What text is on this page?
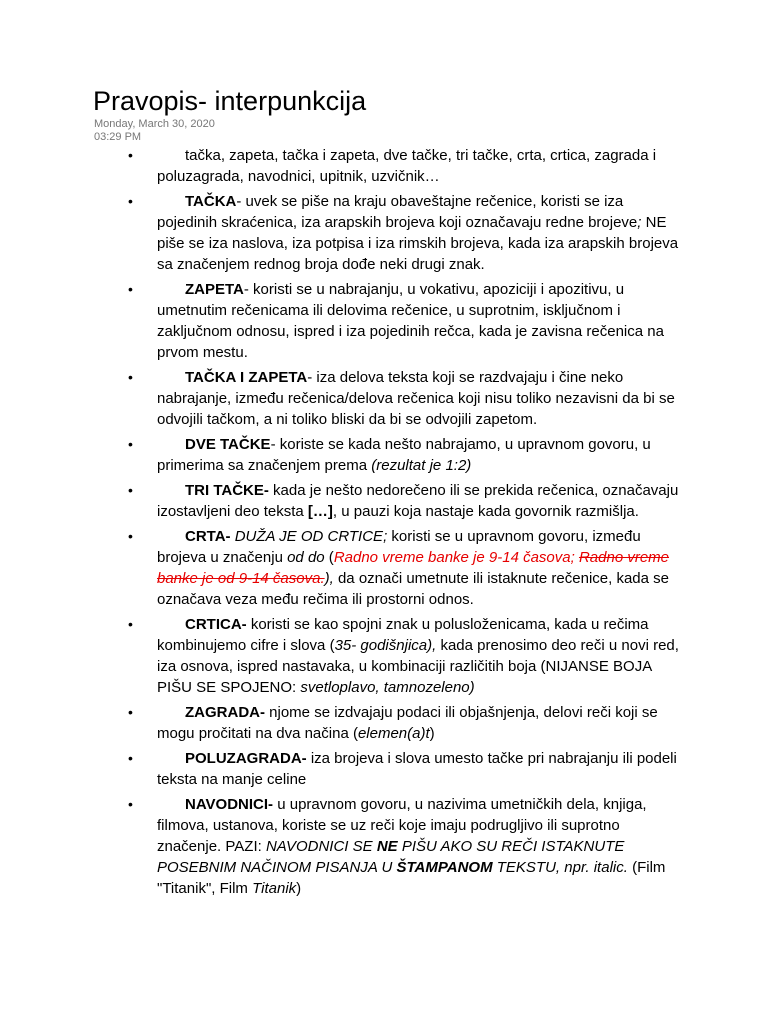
Pravopis- interpunkcija
Monday, March 30, 2020
03:29 PM
•	tačka, zapeta, tačka i zapeta, dve tačke, tri tačke, crta, crtica, zagrada i poluzagrada, navodnici, upitnik, uzvičnik…
•	TAČKA- uvek se piše na kraju obaveštajne rečenice, koristi se iza pojedinih skraćenica, iza arapskih brojeva koji označavaju redne brojeve; NE piše se iza naslova, iza potpisa i iza rimskih brojeva, kada iza arapskih brojeva sa značenjem rednog broja dođe neki drugi znak.
•	ZAPETA- koristi se u nabrajanju, u vokativu, apoziciji i apozitivu, u umetnutim rečenicama ili delovima rečenice, u suprotnim, isključnom i zaključnom odnosu, ispred i iza pojedinih rečca, kada je zavisna rečenica na prvom mestu.
•	TAČKA I ZAPETA- iza delova teksta koji se razdvajaju i čine neko nabrajanje, između rečenica/delova rečenica koji nisu toliko nezavisni da bi se odvojili tačkom, a ni toliko bliski da bi se odvojili zapetom.
•	DVE TAČKE- koriste se kada nešto nabrajamo, u upravnom govoru, u primerima sa značenjem prema (rezultat je 1:2)
•	TRI TAČKE- kada je nešto nedorečeno ili se prekida rečenica, označavaju izostavljeni deo teksta […], u pauzi koja nastaje kada govornik razmišlja.
•	CRTA- DUŽA JE OD CRTICE; koristi se u upravnom govoru, između brojeva u značenju od do (Radno vreme banke je 9-14 časova; Radno vreme banke je od 9-14 časova.), da označi umetnute ili istaknute rečenice, kada se označava veza među rečima ili prostorni odnos.
•	CRTICA- koristi se kao spojni znak u polusloženicama, kada u rečima kombinujemo cifre i slova (35- godišnjica), kada prenosimo deo reči u novi red, iza osnova, ispred nastavaka, u kombinaciji različitih boja (NIJANSE BOJA PIŠU SE SPOJENO: svetloplavo, tamnozeleno)
•	ZAGRADA- njome se izdvajaju podaci ili objašnjenja, delovi reči koji se mogu pročitati na dva načina (elemen(a)t)
•	POLUZAGRADA- iza brojeva i slova umesto tačke pri nabrajanju ili podeli teksta na manje celine
•	NAVODNICI- u upravnom govoru, u nazivima umetničkih dela, knjiga, filmova, ustanova, koriste se uz reči koje imaju podrugljivo ili suprotno značenje. PAZI: NAVODNICI SE NE PIŠU AKO SU REČI ISTAKNUTE POSEBNIM NAČINOM PISANJA U ŠTAMPANOM TEKSTU, npr. italic. (Film "Titanik", Film Titanik)
